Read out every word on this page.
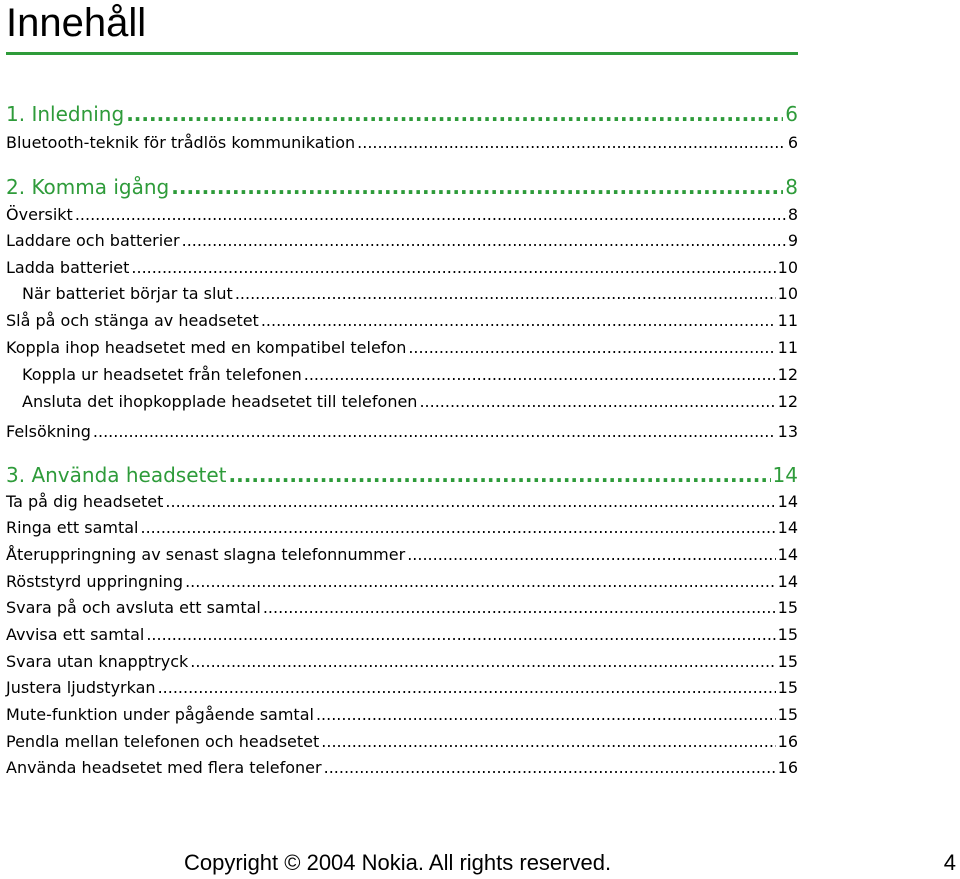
Innehåll
1. Inledning .....	6
Bluetooth-teknik för trådlös kommunikation .....	6
2. Komma igång .....	8
Översikt .....	8
Laddare och batterier .....	9
Ladda batteriet .....	10
När batteriet börjar ta slut .....	10
Slå på och stänga av headsetet .....	11
Koppla ihop headsetet med en kompatibel telefon .....	11
Koppla ur headsetet från telefonen .....	12
Ansluta det ihopkopplade headsetet till telefonen .....	12
Felsökning .....	13
3. Använda headsetet .....	14
Ta på dig headsetet .....	14
Ringa ett samtal .....	14
Återuppringning av senast slagna telefonnummer .....	14
Röststyrd uppringning .....	14
Svara på och avsluta ett samtal .....	15
Avvisa ett samtal .....	15
Svara utan knapptryck .....	15
Justera ljudstyrkan .....	15
Mute-funktion under pågående samtal .....	15
Pendla mellan telefonen och headsetet .....	16
Använda headsetet med flera telefoner .....	16
Copyright © 2004 Nokia. All rights reserved.	4
